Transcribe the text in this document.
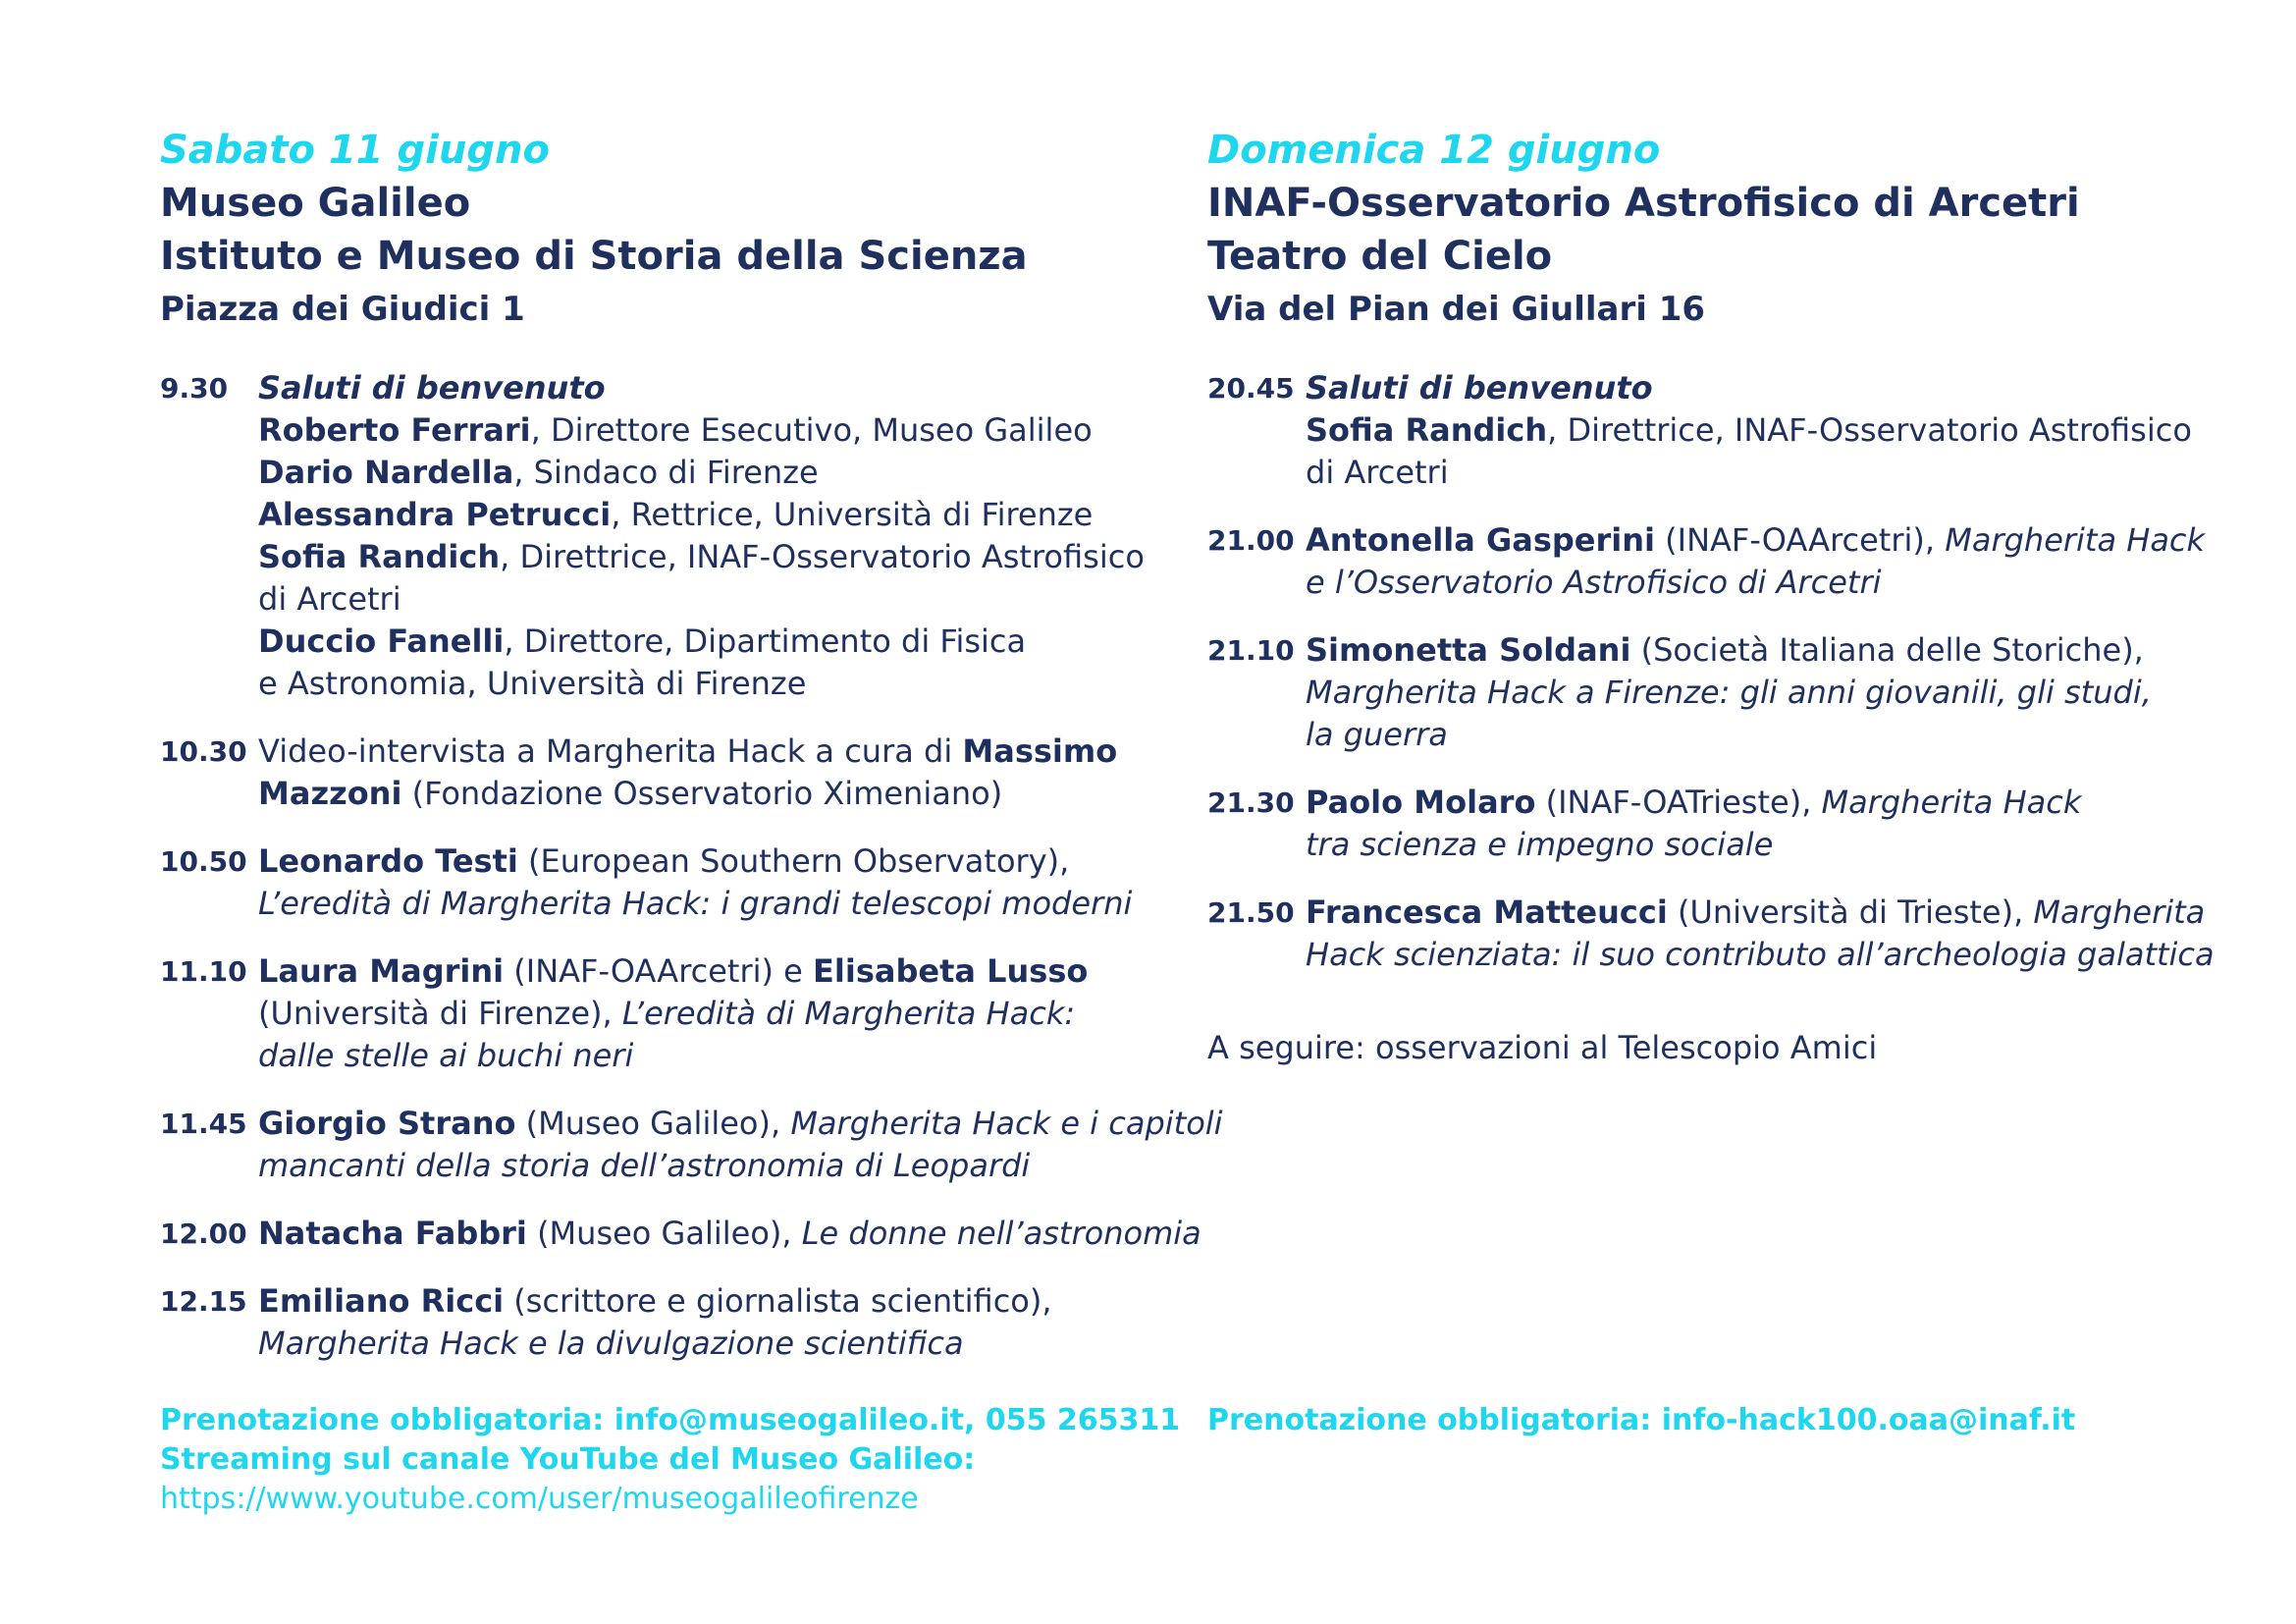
Sabato 11 giugno

Museo Galileo

Istituto e Museo di Storia della Scienza

Piazza dei Giudici 1

9.30 Saluti di benvenuto
Roberto Ferrari, Direttore Esecutivo, Museo Galileo
Dario Nardella, Sindaco di Firenze
Alessandra Petrucci, Rettrice, Università di Firenze
Sofia Randich, Direttrice, INAF-Osservatorio Astrofisico
di Arcetri
Duccio Fanelli, Direttore, Dipartimento di Fisica
e Astronomia, Università di Firenze
10.30 Video-intervista a Margherita Hack a cura di Massimo
Mazzoni (Fondazione Osservatorio Ximeniano)
10.50 Leonardo Testi (European Southern Observatory),
L’eredità di Margherita Hack: i grandi telescopi moderni
11.10 Laura Magrini (INAF-OAArcetri) e Elisabeta Lusso
(Università di Firenze), L’eredità di Margherita Hack:
dalle stelle ai buchi neri
11.45 Giorgio Strano (Museo Galileo), Margherita Hack e i capitoli
mancanti della storia dell’astronomia di Leopardi
12.00 Natacha Fabbri (Museo Galileo), Le donne nell’astronomia
12.15 Emiliano Ricci (scrittore e giornalista scientifico),
Margherita Hack e la divulgazione scientifica

Domenica 12 giugno

INAF-Osservatorio Astrofisico di Arcetri

Teatro del Cielo

Via del Pian dei Giullari 16

20.45 Saluti di benvenuto
Sofia Randich, Direttrice, INAF-Osservatorio Astrofisico
di Arcetri
21.00 Antonella Gasperini (INAF-OAArcetri), Margherita Hack
e l’Osservatorio Astrofisico di Arcetri
21.10 Simonetta Soldani (Società Italiana delle Storiche),
Margherita Hack a Firenze: gli anni giovanili, gli studi,
la guerra
21.30 Paolo Molaro (INAF-OATrieste), Margherita Hack
tra scienza e impegno sociale
21.50 Francesca Matteucci (Università di Trieste), Margherita
Hack scienziata: il suo contributo all’archeologia galattica
A seguire: osservazioni al Telescopio Amici
Prenotazione obbligatoria: info@museogalileo.it, 055 265311
Streaming sul canale YouTube del Museo Galileo:
https://www.youtube.com/user/museogalileofirenze
Prenotazione obbligatoria: info-hack100.oaa@inaf.it
